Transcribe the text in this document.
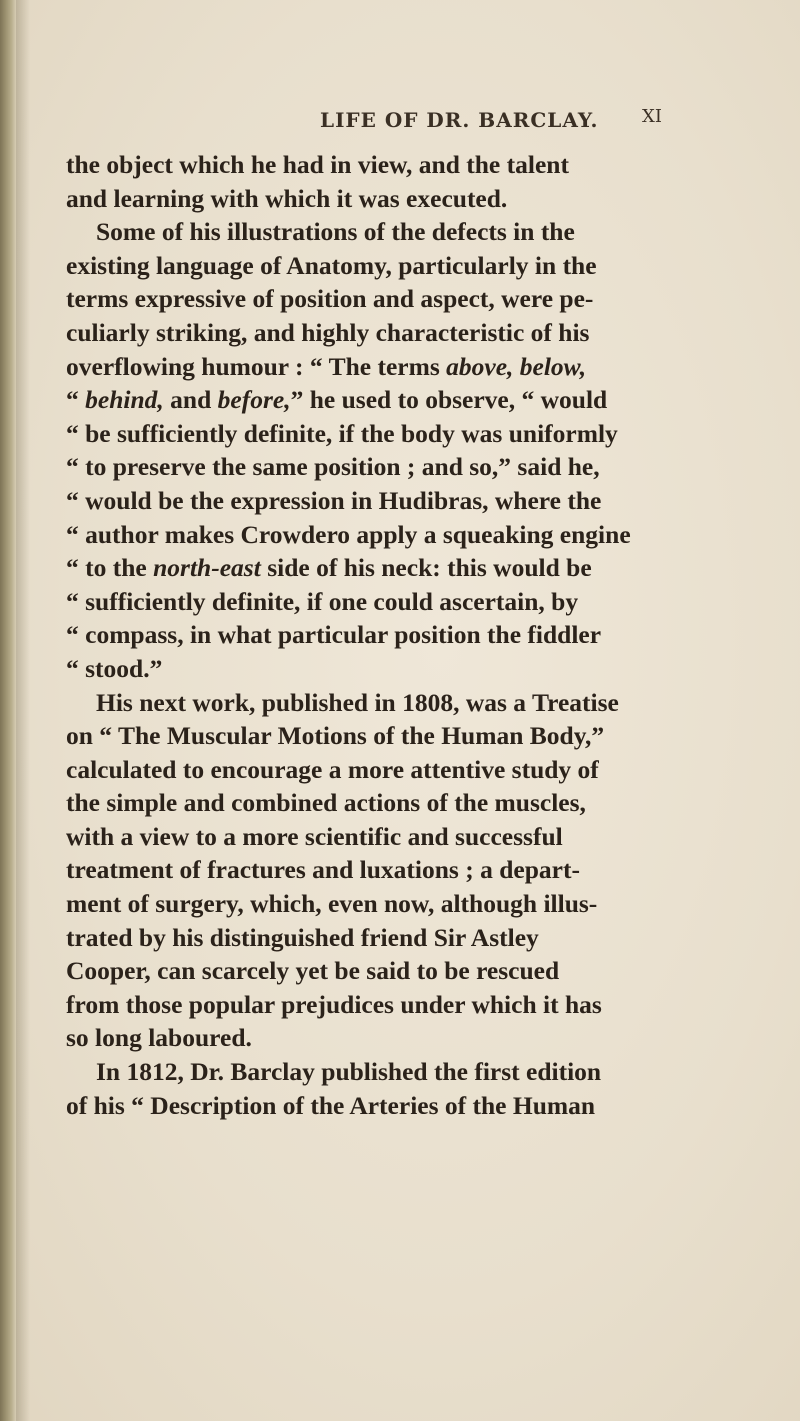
LIFE OF DR. BARCLAY. XI
the object which he had in view, and the talent
and learning with which it was executed.
Some of his illustrations of the defects in the
existing language of Anatomy, particularly in the
terms expressive of position and aspect, were pe-
culiarly striking, and highly characteristic of his
overflowing humour : “ The terms above, below,
“ behind, and before,” he used to observe, “ would
“ be sufficiently definite, if the body was uniformly
“ to preserve the same position ; and so,” said he,
“ would be the expression in Hudibras, where the
“ author makes Crowdero apply a squeaking engine
“ to the north-east side of his neck: this would be
“ sufficiently definite, if one could ascertain, by
“ compass, in what particular position the fiddler
“ stood.”
His next work, published in 1808, was a Treatise
on “ The Muscular Motions of the Human Body,”
calculated to encourage a more attentive study of
the simple and combined actions of the muscles,
with a view to a more scientific and successful
treatment of fractures and luxations ; a depart-
ment of surgery, which, even now, although illus-
trated by his distinguished friend Sir Astley
Cooper, can scarcely yet be said to be rescued
from those popular prejudices under which it has
so long laboured.
In 1812, Dr. Barclay published the first edition
of his “ Description of the Arteries of the Human
